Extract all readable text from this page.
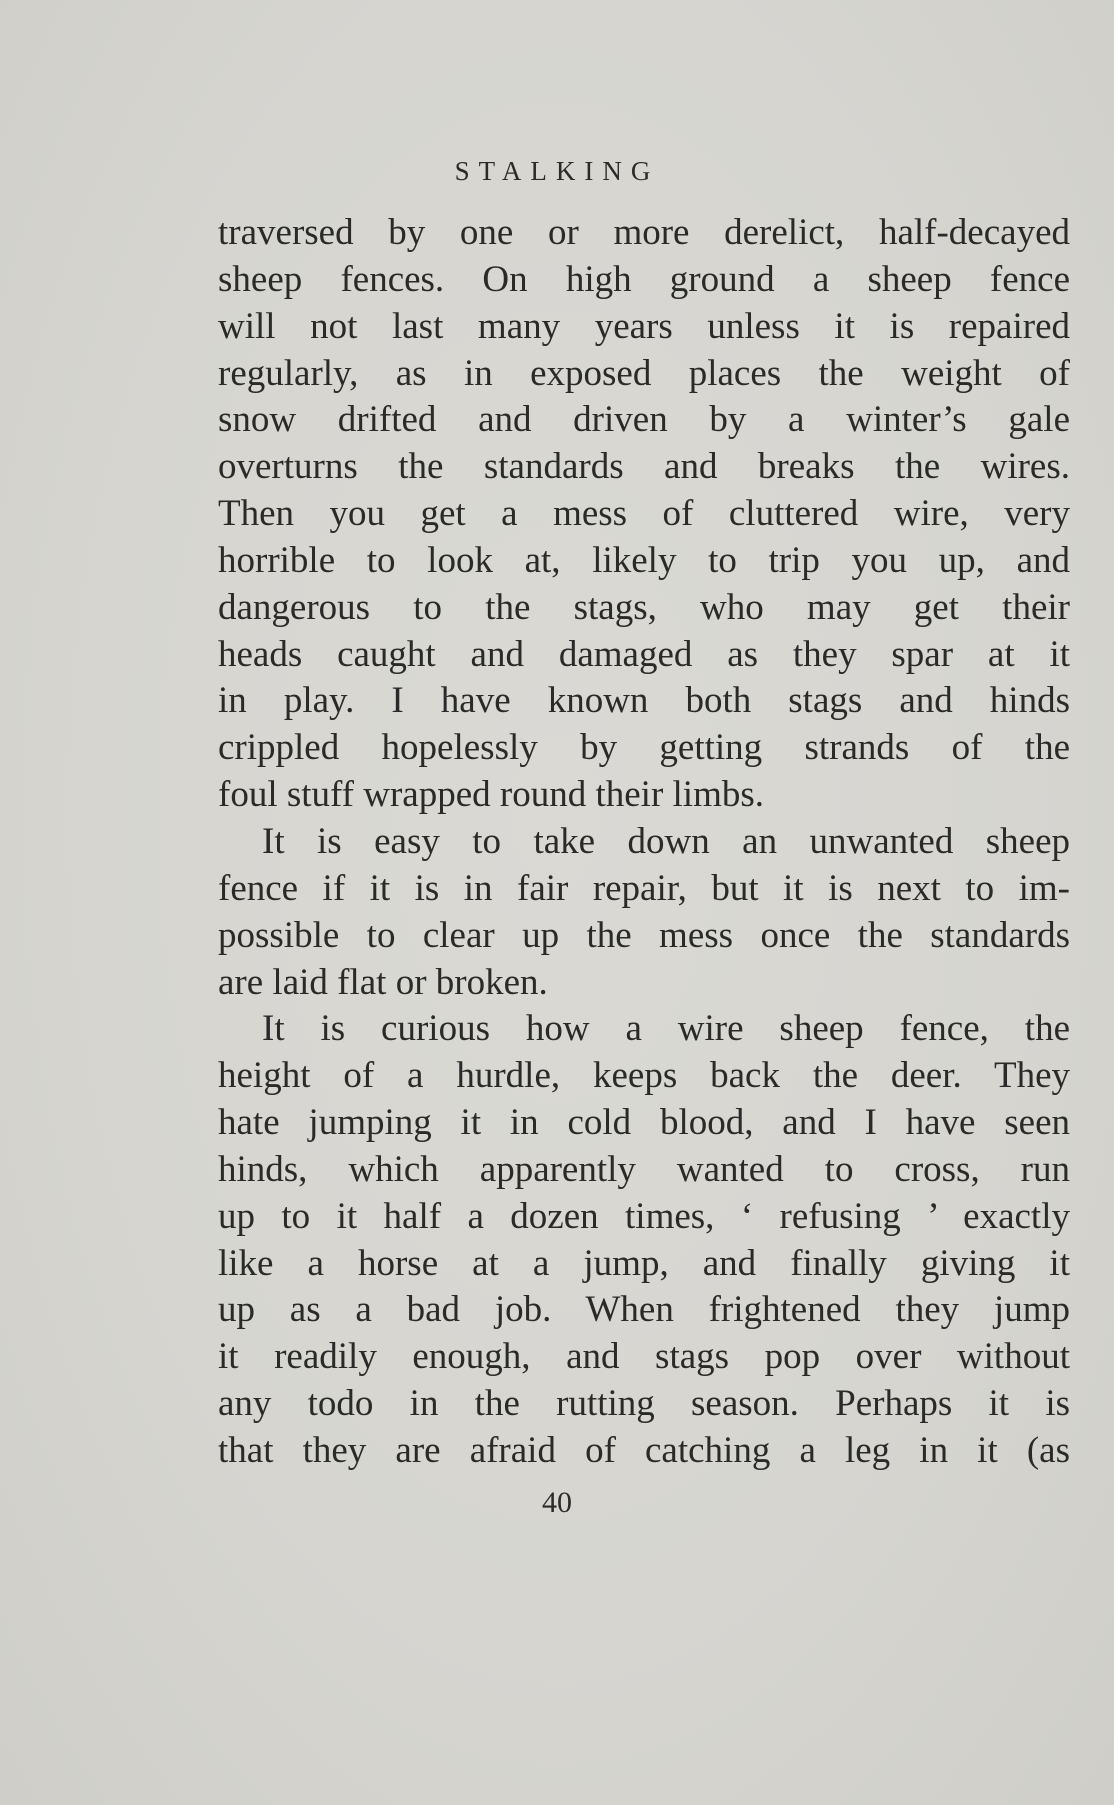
STALKING
traversed by one or more derelict, half-decayed
sheep fences. On high ground a sheep fence
will not last many years unless it is repaired
regularly, as in exposed places the weight of
snow drifted and driven by a winter’s gale
overturns the standards and breaks the wires.
Then you get a mess of cluttered wire, very
horrible to look at, likely to trip you up, and
dangerous to the stags, who may get their
heads caught and damaged as they spar at it
in play. I have known both stags and hinds
crippled hopelessly by getting strands of the
foul stuff wrapped round their limbs.
It is easy to take down an unwanted sheep
fence if it is in fair repair, but it is next to im-
possible to clear up the mess once the standards
are laid flat or broken.
It is curious how a wire sheep fence, the
height of a hurdle, keeps back the deer. They
hate jumping it in cold blood, and I have seen
hinds, which apparently wanted to cross, run
up to it half a dozen times, ‘ refusing ’ exactly
like a horse at a jump, and finally giving it
up as a bad job. When frightened they jump
it readily enough, and stags pop over without
any todo in the rutting season. Perhaps it is
that they are afraid of catching a leg in it (as

40
